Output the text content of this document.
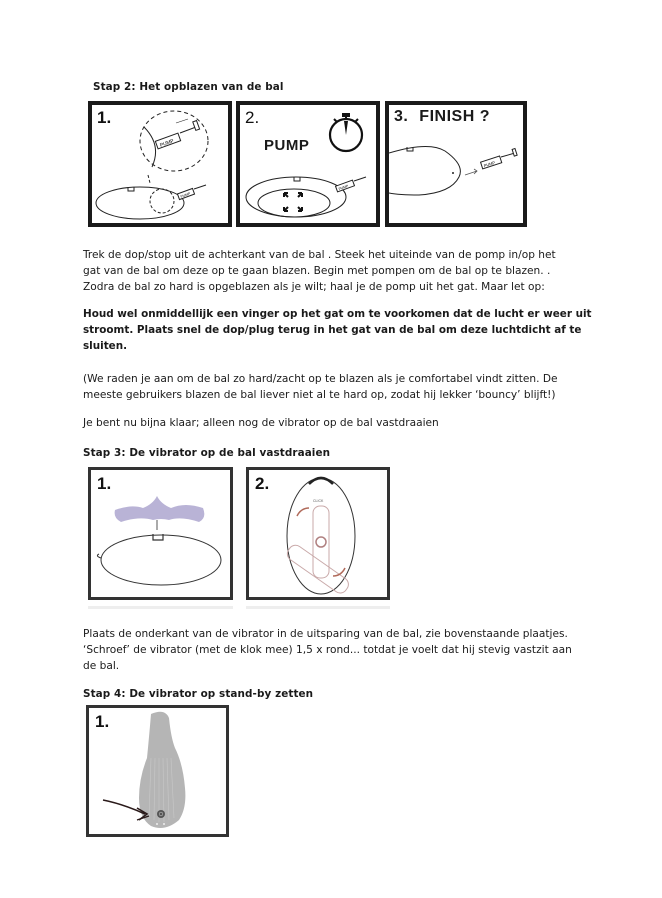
Stap 2: Het opblazen van de bal
1.
PUMP
PUMP
2.
PUMP
PUMP
3. FINISH ?
PUMP
Trek de dop/stop uit de achterkant van de bal . Steek het uiteinde van de pomp in/op het
gat van de bal om deze op te gaan blazen. Begin met pompen om de bal op te blazen. .
Zodra de bal zo hard is opgeblazen als je wilt; haal je de pomp uit het gat. Maar let op:
Houd wel onmiddellijk een vinger op het gat om te voorkomen dat de lucht er weer uit
stroomt. Plaats snel de dop/plug terug in het gat van de bal om deze luchtdicht af te
sluiten.
(We raden je aan om de bal zo hard/zacht op te blazen als je comfortabel vindt zitten. De
meeste gebruikers blazen de bal liever niet al te hard op, zodat hij lekker ‘bouncy’ blijft!)
Je bent nu bijna klaar; alleen nog de vibrator op de bal vastdraaien
Stap 3: De vibrator op de bal vastdraaien
1.	2.
CLICK
Plaats de onderkant van de vibrator in de uitsparing van de bal, zie bovenstaande plaatjes.
‘Schroef’ de vibrator (met de klok mee) 1,5 x rond... totdat je voelt dat hij stevig vastzit aan
de bal.
Stap 4: De vibrator op stand-by zetten
1.
